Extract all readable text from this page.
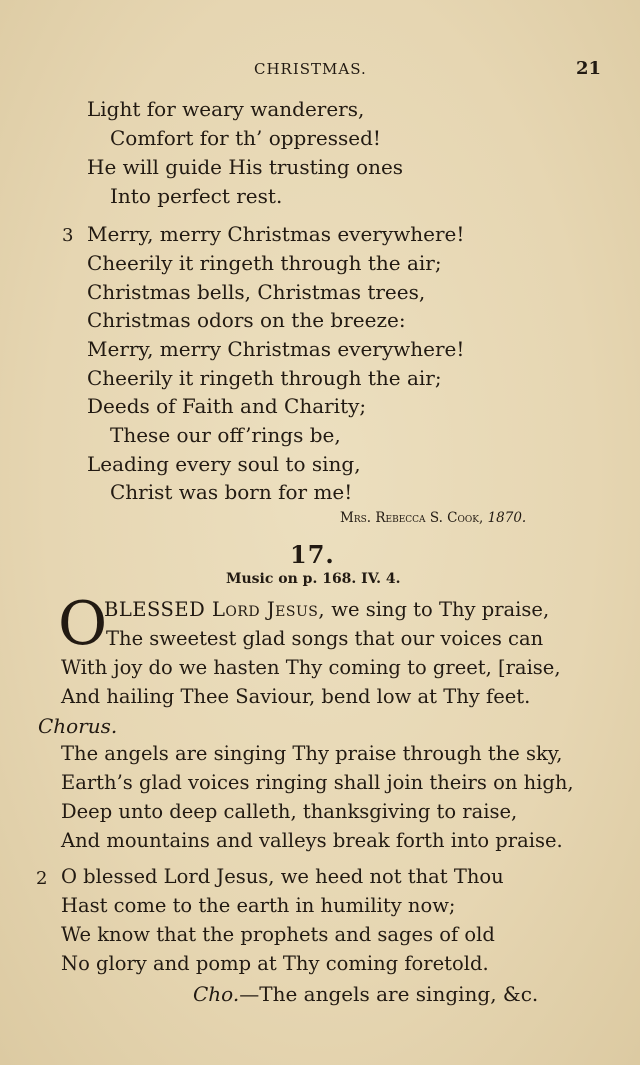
CHRISTMAS.	21
Light for weary wanderers,
Comfort for th’ oppressed!
He will guide His trusting ones
Into perfect rest.
3 Merry, merry Christmas everywhere!
Cheerily it ringeth through the air;
Christmas bells, Christmas trees,
Christmas odors on the breeze:
Merry, merry Christmas everywhere!
Cheerily it ringeth through the air;
Deeds of Faith and Charity;
These our off’rings be,
Leading every soul to sing,
Christ was born for me!
Mrs. Rebecca S. Cook, 1870.
17.
Music on p. 168. IV. 4.
O
BLESSED Lord Jesus, we sing to Thy praise,
The sweetest glad songs that our voices can
With joy do we hasten Thy coming to greet, [raise,
And hailing Thee Saviour, bend low at Thy feet.
Chorus.
The angels are singing Thy praise through the sky,
Earth’s glad voices ringing shall join theirs on high,
Deep unto deep calleth, thanksgiving to raise,
And mountains and valleys break forth into praise.
2 O blessed Lord Jesus, we heed not that Thou
Hast come to the earth in humility now;
We know that the prophets and sages of old
No glory and pomp at Thy coming foretold.
Cho.—The angels are singing, &c.
